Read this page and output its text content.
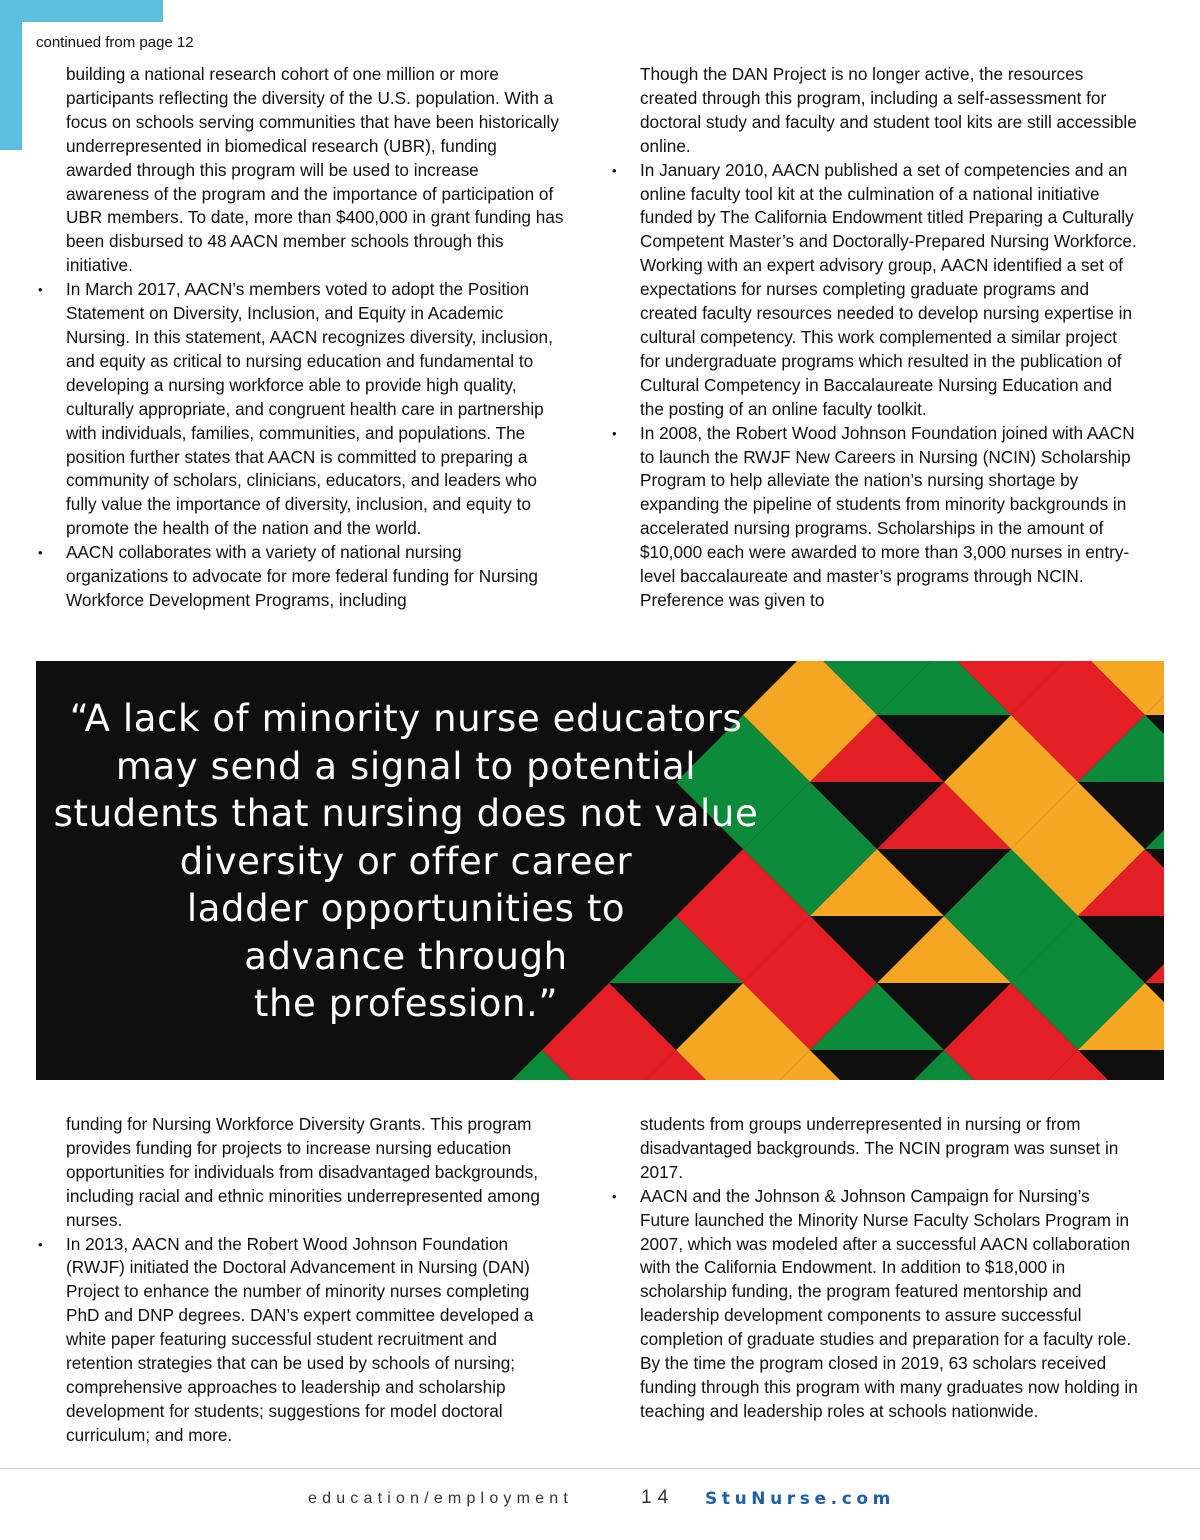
continued from page 12

building a national research cohort of one million or more participants reflecting the diversity of the U.S. population. With a focus on schools serving communities that have been historically underrepresented in biomedical research (UBR), funding awarded through this program will be used to increase awareness of the program and the importance of participation of UBR members. To date, more than $400,000 in grant funding has been disbursed to 48 AACN member schools through this initiative.

• In March 2017, AACN’s members voted to adopt the Position Statement on Diversity, Inclusion, and Equity in Academic Nursing. In this statement, AACN recognizes diversity, inclusion, and equity as critical to nursing education and fundamental to developing a nursing workforce able to provide high quality, culturally appropriate, and congruent health care in partnership with individuals, families, communities, and populations. The position further states that AACN is committed to preparing a community of scholars, clinicians, educators, and leaders who fully value the importance of diversity, inclusion, and equity to promote the health of the nation and the world.
• AACN collaborates with a variety of national nursing organizations to advocate for more federal funding for Nursing Workforce Development Programs, including

Though the DAN Project is no longer active, the resources created through this program, including a self-assessment for doctoral study and faculty and student tool kits are still accessible online.

• In January 2010, AACN published a set of competencies and an online faculty tool kit at the culmination of a national initiative funded by The California Endowment titled Preparing a Culturally Competent Master’s and Doctorally-Prepared Nursing Workforce. Working with an expert advisory group, AACN identified a set of expectations for nurses completing graduate programs and created faculty resources needed to develop nursing expertise in cultural competency. This work complemented a similar project for undergraduate programs which resulted in the publication of Cultural Competency in Baccalaureate Nursing Education and the posting of an online faculty toolkit.
• In 2008, the Robert Wood Johnson Foundation joined with AACN to launch the RWJF New Careers in Nursing (NCIN) Scholarship Program to help alleviate the nation’s nursing shortage by expanding the pipeline of students from minority backgrounds in accelerated nursing programs. Scholarships in the amount of $10,000 each were awarded to more than 3,000 nurses in entry-level baccalaureate and master’s programs through NCIN. Preference was given to
“A lack of minority nurse educators
may send a signal to potential
students that nursing does not value
diversity or offer career
ladder opportunities to
advance through
the profession.”

funding for Nursing Workforce Diversity Grants. This program provides funding for projects to increase nursing education opportunities for individuals from disadvantaged backgrounds, including racial and ethnic minorities underrepresented among nurses.

• In 2013, AACN and the Robert Wood Johnson Foundation (RWJF) initiated the Doctoral Advancement in Nursing (DAN) Project to enhance the number of minority nurses completing PhD and DNP degrees. DAN’s expert committee developed a white paper featuring successful student recruitment and retention strategies that can be used by schools of nursing; comprehensive approaches to leadership and scholarship development for students; suggestions for model doctoral curriculum; and more.

students from groups underrepresented in nursing or from disadvantaged backgrounds. The NCIN program was sunset in 2017.

• AACN and the Johnson & Johnson Campaign for Nursing’s Future launched the Minority Nurse Faculty Scholars Program in 2007, which was modeled after a successful AACN collaboration with the California Endowment. In addition to $18,000 in scholarship funding, the program featured mentorship and leadership development components to assure successful completion of graduate studies and preparation for a faculty role. By the time the program closed in 2019, 63 scholars received funding through this program with many graduates now holding in teaching and leadership roles at schools nationwide.
education/employment	14 StuNurse.com
